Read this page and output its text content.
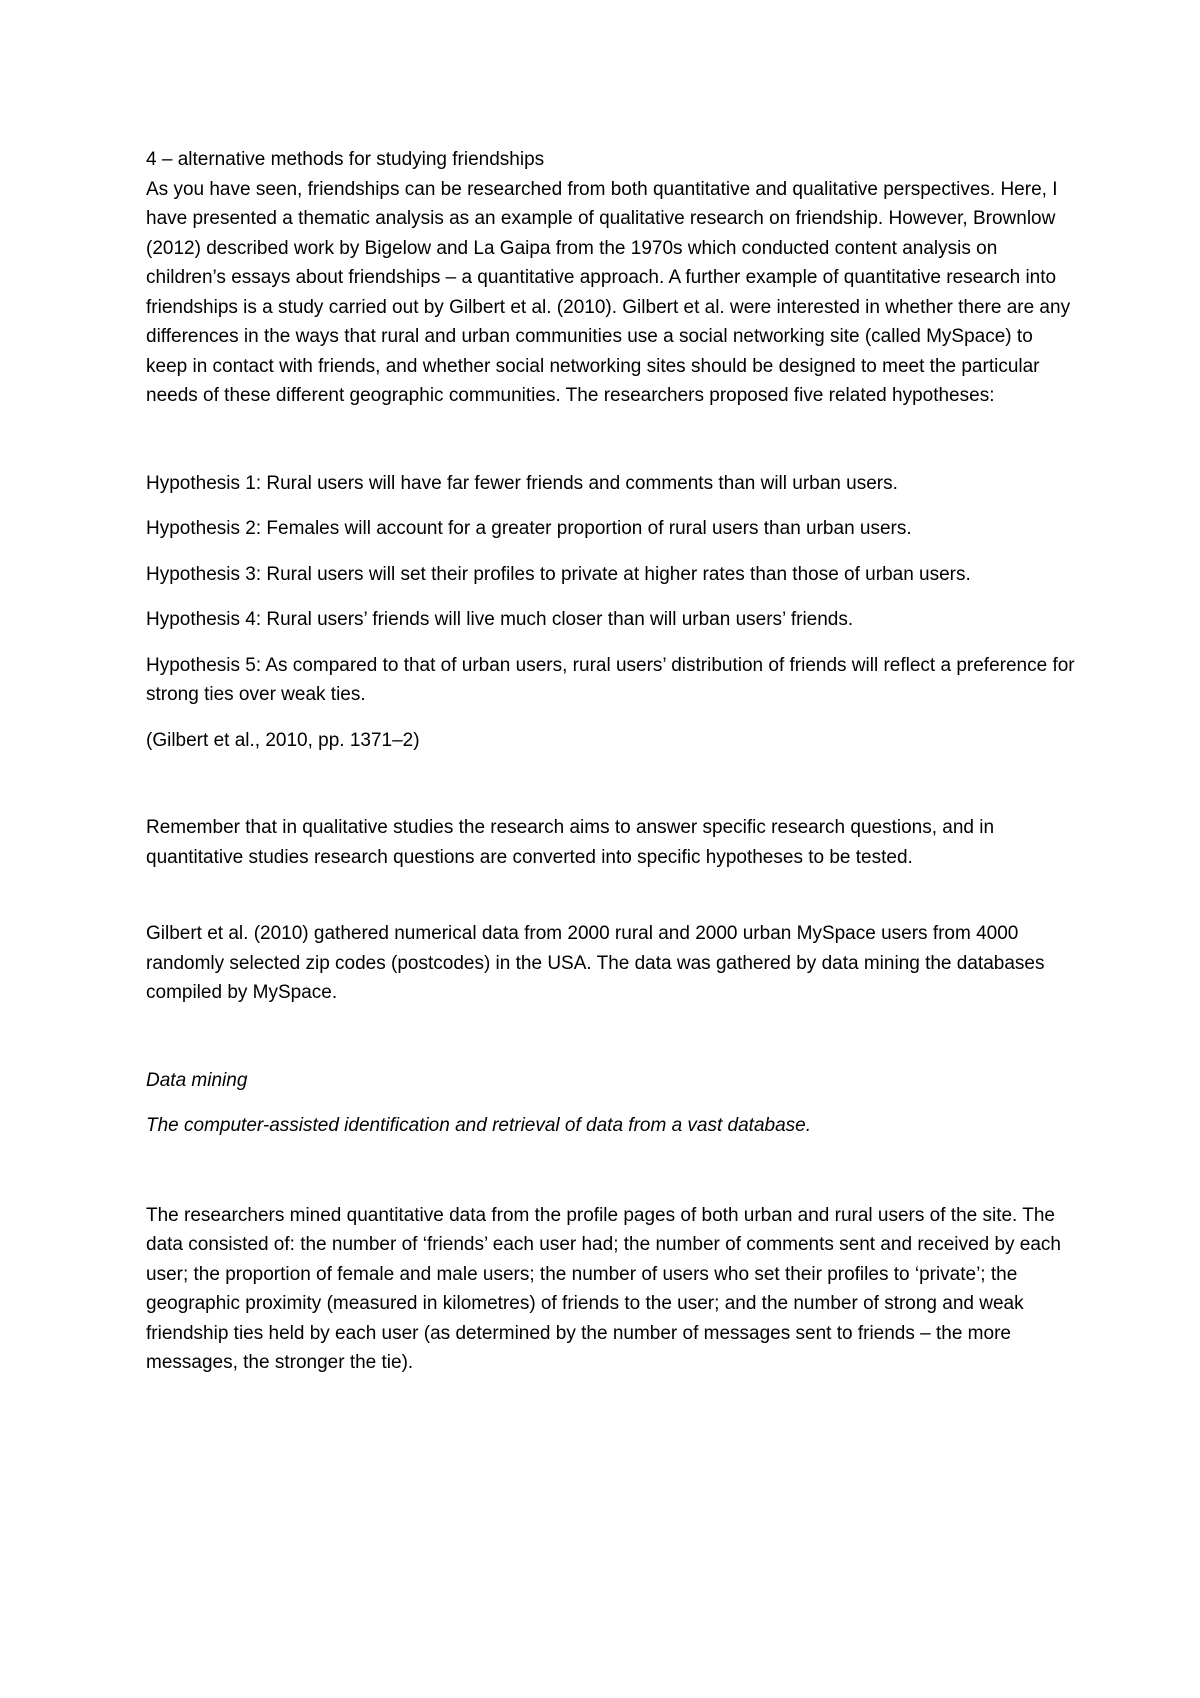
4 – alternative methods for studying friendships

As you have seen, friendships can be researched from both quantitative and qualitative perspectives. Here, I have presented a thematic analysis as an example of qualitative research on friendship. However, Brownlow (2012) described work by Bigelow and La Gaipa from the 1970s which conducted content analysis on children’s essays about friendships – a quantitative approach. A further example of quantitative research into friendships is a study carried out by Gilbert et al. (2010). Gilbert et al. were interested in whether there are any differences in the ways that rural and urban communities use a social networking site (called MySpace) to keep in contact with friends, and whether social networking sites should be designed to meet the particular needs of these different geographic communities. The researchers proposed five related hypotheses:

Hypothesis 1: Rural users will have far fewer friends and comments than will urban users.

Hypothesis 2: Females will account for a greater proportion of rural users than urban users.

Hypothesis 3: Rural users will set their profiles to private at higher rates than those of urban users.

Hypothesis 4: Rural users’ friends will live much closer than will urban users’ friends.

Hypothesis 5: As compared to that of urban users, rural users’ distribution of friends will reflect a preference for strong ties over weak ties.

(Gilbert et al., 2010, pp. 1371–2)

Remember that in qualitative studies the research aims to answer specific research questions, and in quantitative studies research questions are converted into specific hypotheses to be tested.

Gilbert et al. (2010) gathered numerical data from 2000 rural and 2000 urban MySpace users from 4000 randomly selected zip codes (postcodes) in the USA. The data was gathered by data mining the databases compiled by MySpace.

Data mining

The computer-assisted identification and retrieval of data from a vast database.

The researchers mined quantitative data from the profile pages of both urban and rural users of the site. The data consisted of: the number of ‘friends’ each user had; the number of comments sent and received by each user; the proportion of female and male users; the number of users who set their profiles to ‘private’; the geographic proximity (measured in kilometres) of friends to the user; and the number of strong and weak friendship ties held by each user (as determined by the number of messages sent to friends – the more messages, the stronger the tie).
